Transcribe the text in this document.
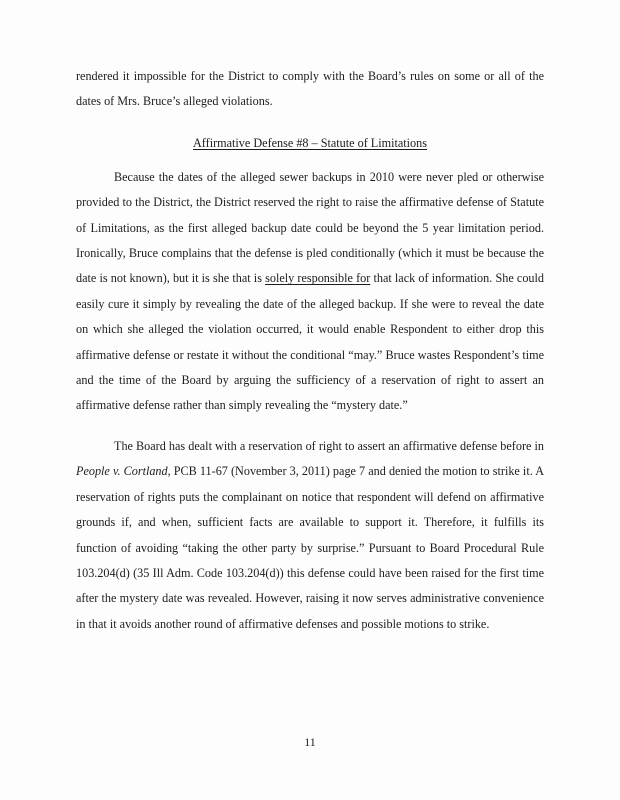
rendered it impossible for the District to comply with the Board’s rules on some or all of the dates of Mrs. Bruce’s alleged violations.

Affirmative Defense #8 – Statute of Limitations

Because the dates of the alleged sewer backups in 2010 were never pled or otherwise provided to the District, the District reserved the right to raise the affirmative defense of Statute of Limitations, as the first alleged backup date could be beyond the 5 year limitation period. Ironically, Bruce complains that the defense is pled conditionally (which it must be because the date is not known), but it is she that is solely responsible for that lack of information. She could easily cure it simply by revealing the date of the alleged backup. If she were to reveal the date on which she alleged the violation occurred, it would enable Respondent to either drop this affirmative defense or restate it without the conditional “may.” Bruce wastes Respondent’s time and the time of the Board by arguing the sufficiency of a reservation of right to assert an affirmative defense rather than simply revealing the “mystery date.”

The Board has dealt with a reservation of right to assert an affirmative defense before in People v. Cortland, PCB 11-67 (November 3, 2011) page 7 and denied the motion to strike it. A reservation of rights puts the complainant on notice that respondent will defend on affirmative grounds if, and when, sufficient facts are available to support it. Therefore, it fulfills its function of avoiding “taking the other party by surprise.” Pursuant to Board Procedural Rule 103.204(d) (35 Ill Adm. Code 103.204(d)) this defense could have been raised for the first time after the mystery date was revealed. However, raising it now serves administrative convenience in that it avoids another round of affirmative defenses and possible motions to strike.

11
